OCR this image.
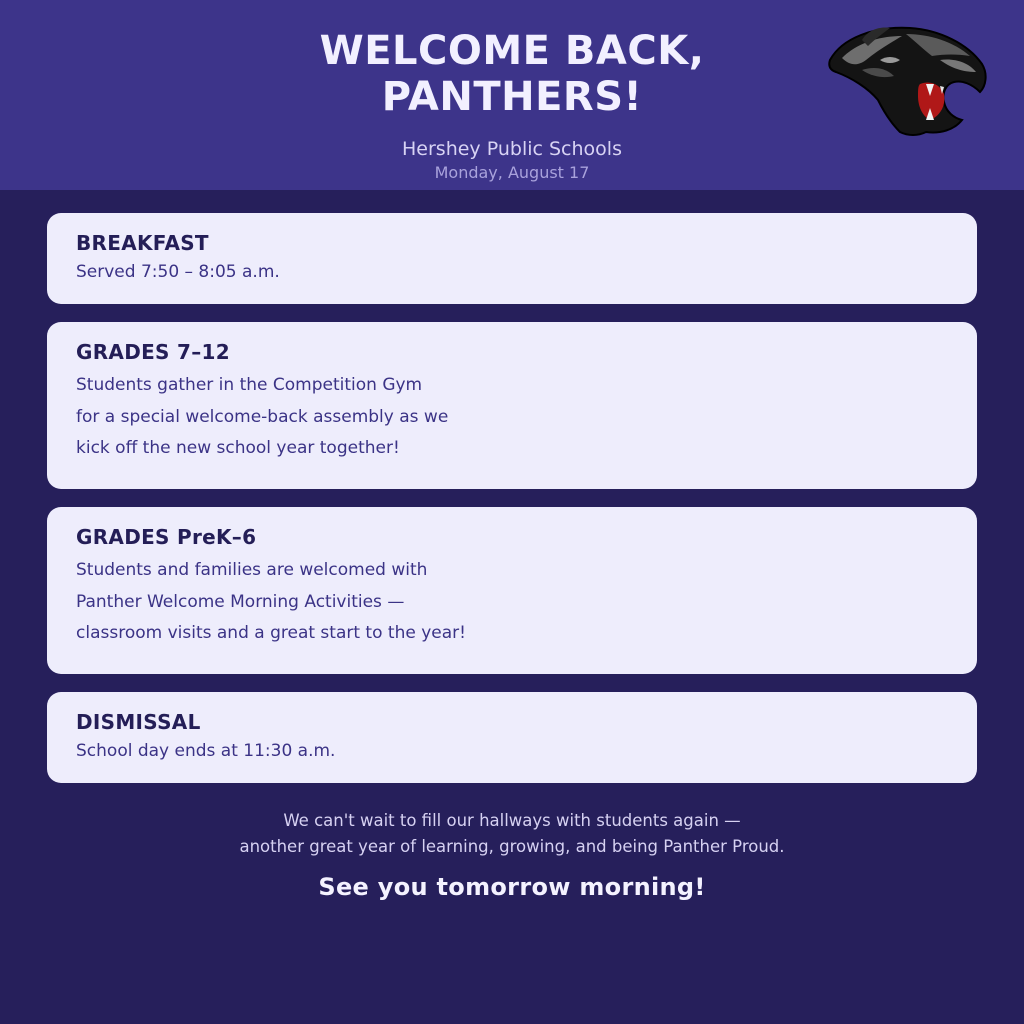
WELCOME BACK,
PANTHERS!
Hershey Public Schools
Monday, August 17
BREAKFAST
Served 7:50 – 8:05 a.m.
GRADES 7–12
Students gather in the Competition Gym
for a special welcome-back assembly as we
kick off the new school year together!
GRADES PreK–6
Students and families are welcomed with
Panther Welcome Morning Activities —
classroom visits and a great start to the year!
DISMISSAL
School day ends at 11:30 a.m.
We can't wait to fill our hallways with students again —
another great year of learning, growing, and being Panther Proud.
See you tomorrow morning!
